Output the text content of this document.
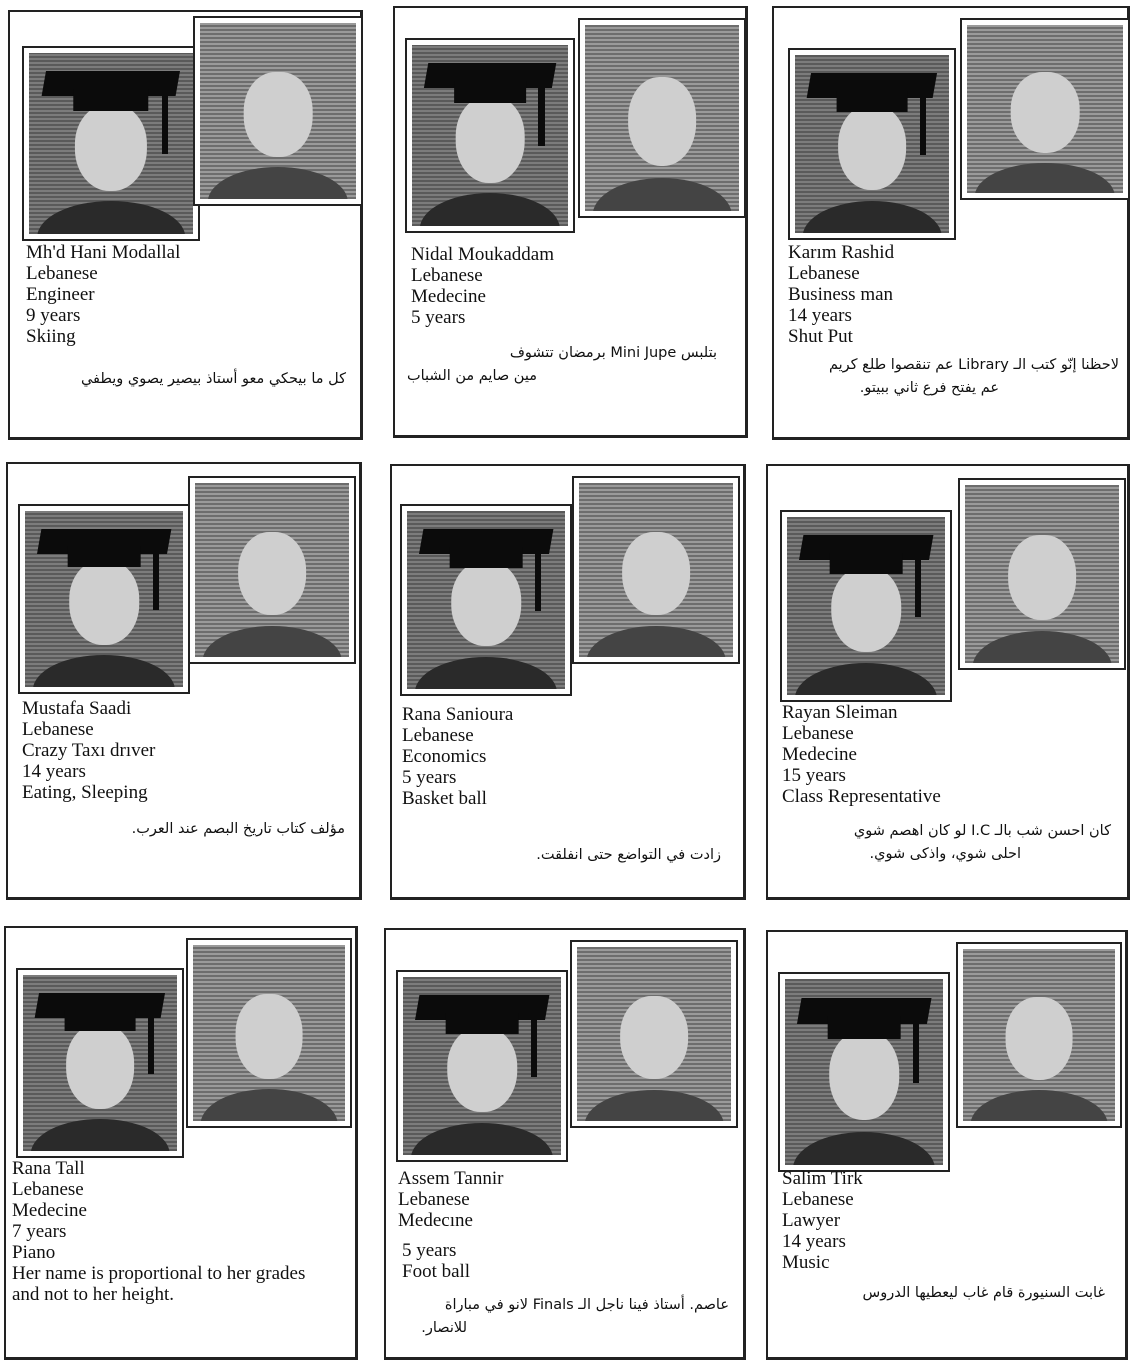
Mh'd Hani Modallal
Lebanese
Engineer
9 years
Skiing
كل ما بيحكي معو أستاذ بيصير يصوي ويطفي
Nidal Moukaddam
Lebanese
Medecine
5 years
بتلبس Mini Jupe برمضان تتشوف
مين صايم من الشباب
Karım Rashid
Lebanese
Business man
14 years
Shut Put
لاحظنا إنّو كتب الـ Library عم تنقصوا طلع كريم
عم يفتح فرع ثاني ببيتو.
Mustafa Saadi
Lebanese
Crazy Taxı drıver
14 years
Eating, Sleeping
مؤلف كتاب تاريخ البصم عند العرب.
Rana Sanioura
Lebanese
Economics
5 years
Basket ball
زادت في التواضع حتى انفلقت.
Rayan Sleiman
Lebanese
Medecine
15 years
Class Representative
كان احسن شب بالـ I.C لو كان اهصم شوي
احلى شوي، واذكى شوي.
Rana Tall
Lebanese
Medecine
7 years
Piano
Her name is proportional to her grades
and not to her height.
Assem Tannir
Lebanese
Medecıne
5 years
Foot ball
عاصم. أستاذ فينا ناجل الـ Finals لانو في مباراة
للانصار.
Salim Tirk
Lebanese
Lawyer
14 years
Music
غابت السنيورة قام غاب ليعطيها الدروس
